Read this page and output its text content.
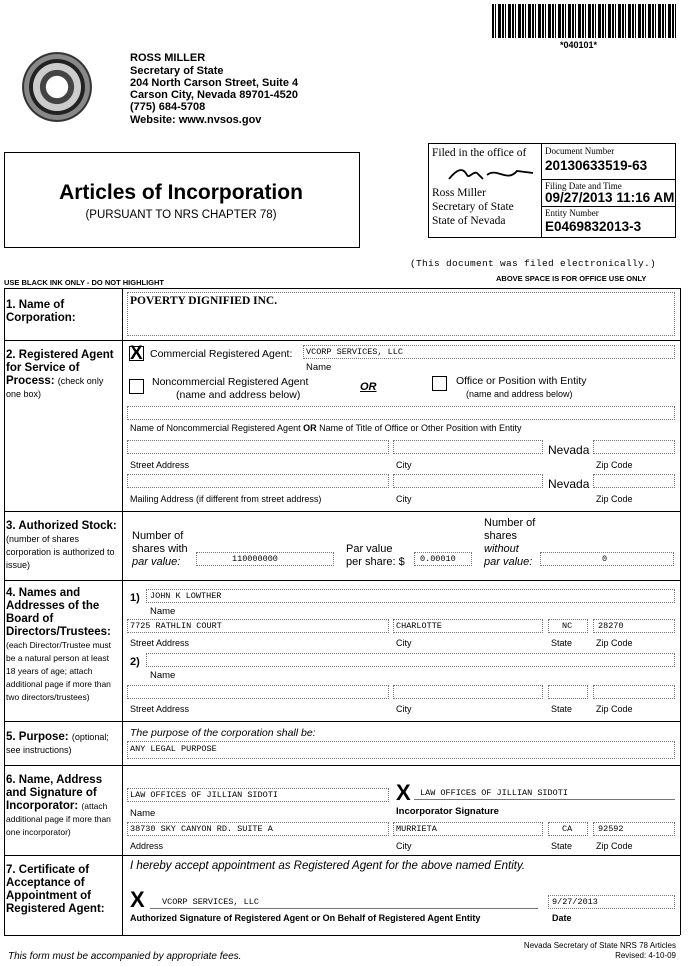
*040101*
ROSS MILLER
Secretary of State
204 North Carson Street, Suite 4
Carson City, Nevada 89701-4520
(775) 684-5708
Website: www.nvsos.gov
Articles of Incorporation
(PURSUANT TO NRS CHAPTER 78)
Filed in the office of
Ross Miller
Secretary of State
State of Nevada
Document Number
20130633519-63
Filing Date and Time
09/27/2013 11:16 AM
Entity Number
E0469832013-3
(This document was filed electronically.)
USE BLACK INK ONLY - DO NOT HIGHLIGHT	ABOVE SPACE IS FOR OFFICE USE ONLY
1. Name of Corporation:
POVERTY DIGNIFIED INC.
2. Registered Agent for Service of Process: (check only one box)
X Commercial Registered Agent: VCORP SERVICES, LLC
Name
Noncommercial Registered Agent
(name and address below)
OR	Office or Position with Entity
(name and address below)
Name of Noncommercial Registered Agent OR Name of Title of Office or Other Position with Entity
Nevada
Street Address	City	Zip Code
Nevada
Mailing Address (if different from street address)	City	Zip Code
3. Authorized Stock: (number of shares corporation is authorized to issue)
Number of
shares with
par value:	110000000
Par value
per share: $ 0.00010
Number of
shares
without
par value:	0
4. Names and Addresses of the Board of Directors/Trustees: (each Director/Trustee must be a natural person at least 18 years of age; attach additional page if more than two directors/trustees)
1) JOHN K LOWTHER
Name
7725 RATHLIN COURT	CHARLOTTE	NC	28270
Street Address	City	State	Zip Code
2)
Name
Street Address	City	State	Zip Code
5. Purpose: (optional; see instructions)
The purpose of the corporation shall be:
ANY LEGAL PURPOSE
6. Name, Address and Signature of Incorporator: (attach additional page if more than one incorporator)
LAW OFFICES OF JILLIAN SIDOTI	X LAW OFFICES OF JILLIAN SIDOTI
Name	Incorporator Signature
38730 SKY CANYON RD. SUITE A	MURRIETA	CA	92592
Address	City	State	Zip Code
7. Certificate of Acceptance of Appointment of Registered Agent:
I hereby accept appointment as Registered Agent for the above named Entity.
X VCORP SERVICES, LLC	9/27/2013
Authorized Signature of Registered Agent or On Behalf of Registered Agent Entity	Date
This form must be accompanied by appropriate fees.
Nevada Secretary of State NRS 78 Articles
Revised: 4-10-09
